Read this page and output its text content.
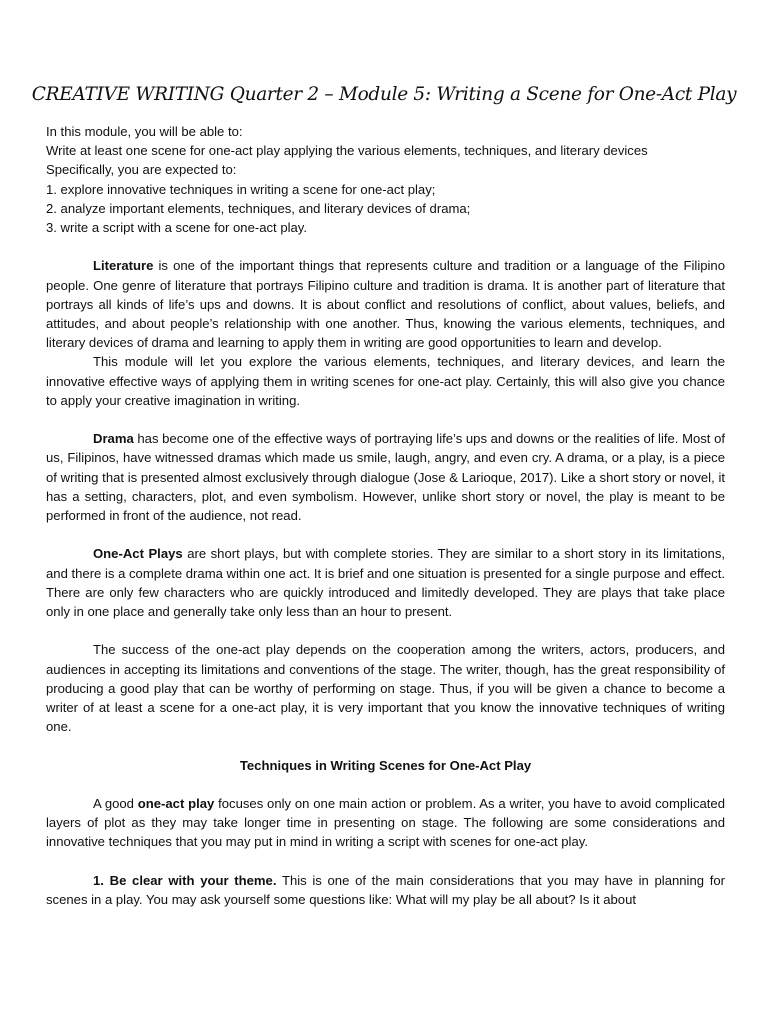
CREATIVE WRITING Quarter 2 – Module 5: Writing a Scene for One-Act Play

In this module, you will be able to:

Write at least one scene for one-act play applying the various elements, techniques, and literary devices

Specifically, you are expected to:

1. explore innovative techniques in writing a scene for one-act play;

2. analyze important elements, techniques, and literary devices of drama;

3. write a script with a scene for one-act play.

Literature is one of the important things that represents culture and tradition or a language of the Filipino people. One genre of literature that portrays Filipino culture and tradition is drama. It is another part of literature that portrays all kinds of life’s ups and downs. It is about conflict and resolutions of conflict, about values, beliefs, and attitudes, and about people’s relationship with one another. Thus, knowing the various elements, techniques, and literary devices of drama and learning to apply them in writing are good opportunities to learn and develop.

This module will let you explore the various elements, techniques, and literary devices, and learn the innovative effective ways of applying them in writing scenes for one-act play. Certainly, this will also give you chance to apply your creative imagination in writing.

Drama has become one of the effective ways of portraying life’s ups and downs or the realities of life. Most of us, Filipinos, have witnessed dramas which made us smile, laugh, angry, and even cry. A drama, or a play, is a piece of writing that is presented almost exclusively through dialogue (Jose & Larioque, 2017). Like a short story or novel, it has a setting, characters, plot, and even symbolism. However, unlike short story or novel, the play is meant to be performed in front of the audience, not read.

One-Act Plays are short plays, but with complete stories. They are similar to a short story in its limitations, and there is a complete drama within one act. It is brief and one situation is presented for a single purpose and effect. There are only few characters who are quickly introduced and limitedly developed. They are plays that take place only in one place and generally take only less than an hour to present.

The success of the one-act play depends on the cooperation among the writers, actors, producers, and audiences in accepting its limitations and conventions of the stage. The writer, though, has the great responsibility of producing a good play that can be worthy of performing on stage. Thus, if you will be given a chance to become a writer of at least a scene for a one-act play, it is very important that you know the innovative techniques of writing one.

Techniques in Writing Scenes for One-Act Play

A good one-act play focuses only on one main action or problem. As a writer, you have to avoid complicated layers of plot as they may take longer time in presenting on stage. The following are some considerations and innovative techniques that you may put in mind in writing a script with scenes for one-act play.

1. Be clear with your theme. This is one of the main considerations that you may have in planning for scenes in a play. You may ask yourself some questions like: What will my play be all about? Is it about
